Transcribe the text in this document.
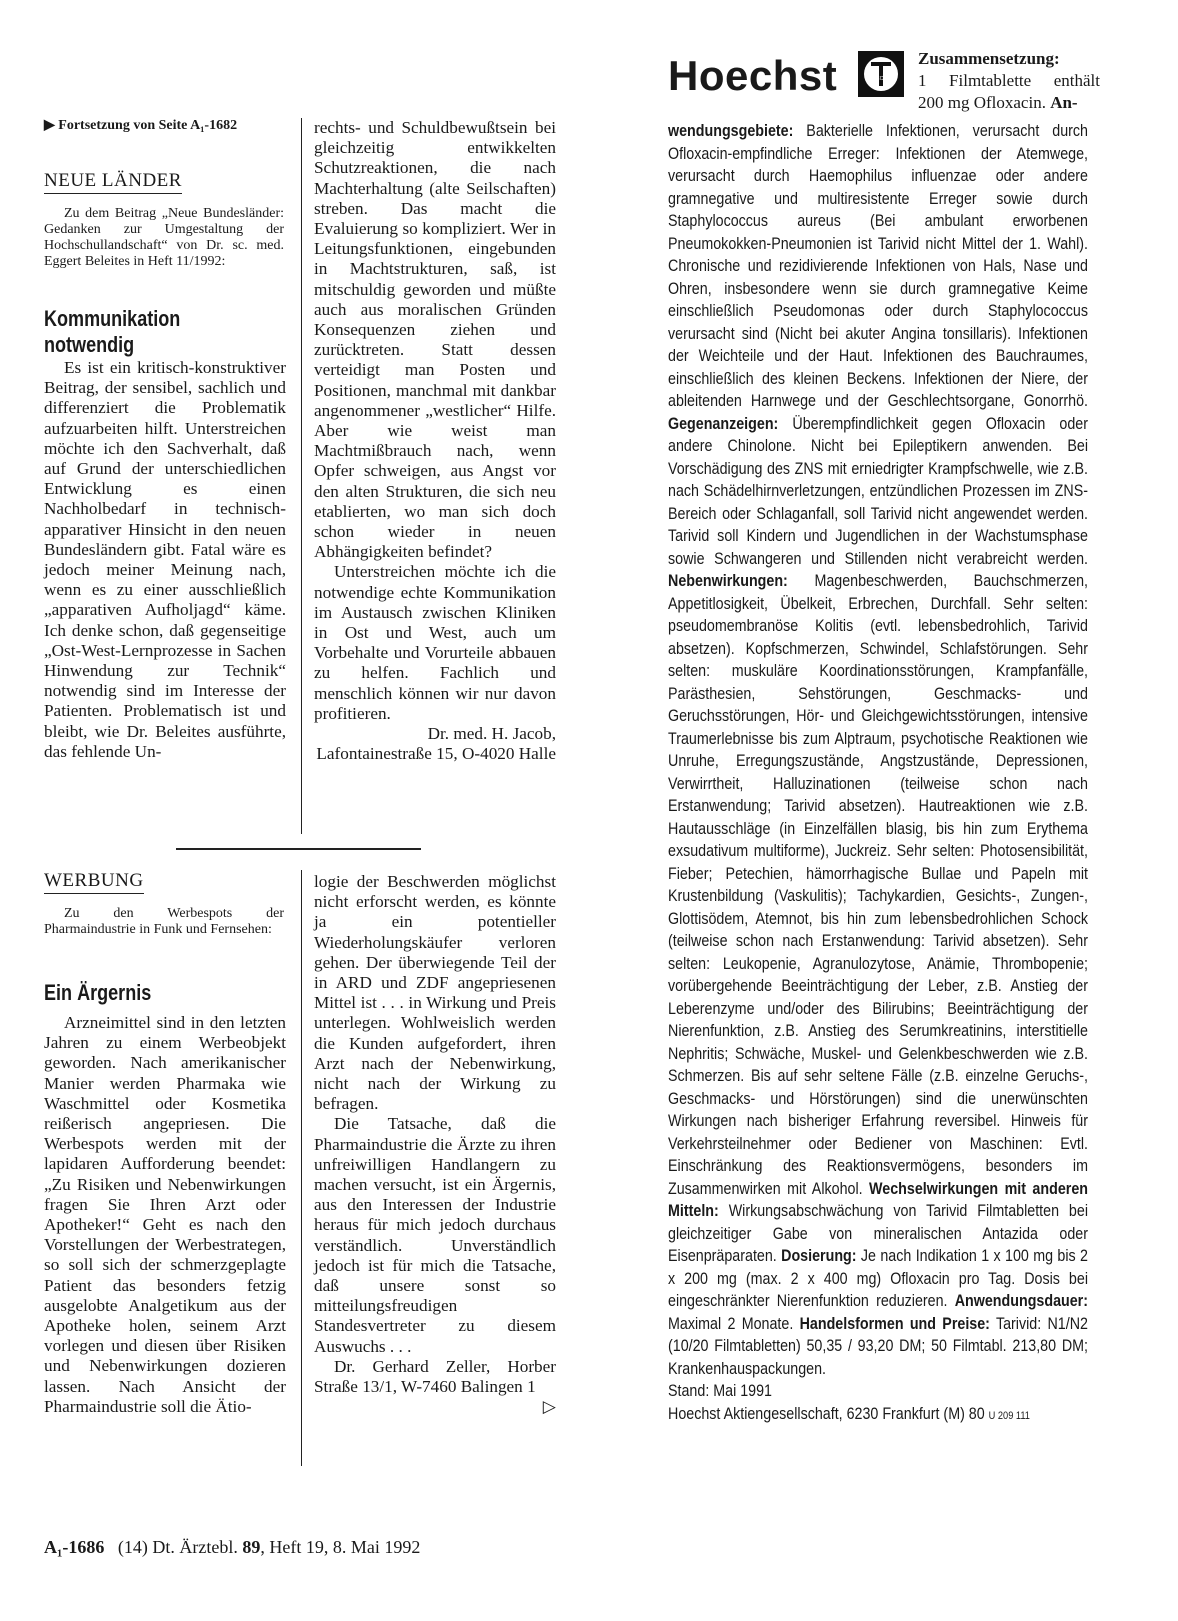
▶ Fortsetzung von Seite A₁-1682
NEUE LÄNDER
Zu dem Beitrag „Neue Bundesländer: Gedanken zur Umgestaltung der Hochschullandschaft“ von Dr. sc. med. Eggert Beleites in Heft 11/1992:
Kommunikation
notwendig

Es ist ein kritisch-konstruktiver Beitrag, der sensibel, sachlich und differenziert die Problematik aufzuarbeiten hilft. Unterstreichen möchte ich den Sachverhalt, daß auf Grund der unterschiedlichen Entwicklung es einen Nachholbedarf in technisch-apparativer Hinsicht in den neuen Bundesländern gibt. Fatal wäre es jedoch meiner Meinung nach, wenn es zu einer ausschließlich „apparativen Aufholjagd“ käme. Ich denke schon, daß gegenseitige „Ost-West-Lernprozesse in Sachen Hinwendung zur Technik“ notwendig sind im Interesse der Patienten. Problematisch ist und bleibt, wie Dr. Beleites ausführte, das fehlende Un-

rechts- und Schuldbewußtsein bei gleichzeitig entwikkelten Schutzreaktionen, die nach Machterhaltung (alte Seilschaften) streben. Das macht die Evaluierung so kompliziert. Wer in Leitungsfunktionen, eingebunden in Machtstrukturen, saß, ist mitschuldig geworden und müßte auch aus moralischen Gründen Konsequenzen ziehen und zurücktreten. Statt dessen verteidigt man Posten und Positionen, manchmal mit dankbar angenommener „westlicher“ Hilfe. Aber wie weist man Machtmißbrauch nach, wenn Opfer schweigen, aus Angst vor den alten Strukturen, die sich neu etablierten, wo man sich doch schon wieder in neuen Abhängigkeiten befindet?

Unterstreichen möchte ich die notwendige echte Kommunikation im Austausch zwischen Kliniken in Ost und West, auch um Vorbehalte und Vorurteile abbauen zu helfen. Fachlich und menschlich können wir nur davon profitieren.

Dr. med. H. Jacob, Lafontainestraße 15, O-4020 Halle

WERBUNG
Zu den Werbespots der Pharmaindustrie in Funk und Fernsehen:
Ein Ärgernis

Arzneimittel sind in den letzten Jahren zu einem Werbeobjekt geworden. Nach amerikanischer Manier werden Pharmaka wie Waschmittel oder Kosmetika reißerisch angepriesen. Die Werbespots werden mit der lapidaren Aufforderung beendet: „Zu Risiken und Nebenwirkungen fragen Sie Ihren Arzt oder Apotheker!“ Geht es nach den Vorstellungen der Werbestrategen, so soll sich der schmerzgeplagte Patient das besonders fetzig ausgelobte Analgetikum aus der Apotheke holen, seinem Arzt vorlegen und diesen über Risiken und Nebenwirkungen dozieren lassen. Nach Ansicht der Pharmaindustrie soll die Ätio-

logie der Beschwerden möglichst nicht erforscht werden, es könnte ja ein potentieller Wiederholungskäufer verloren gehen. Der überwiegende Teil der in ARD und ZDF angepriesenen Mittel ist . . . in Wirkung und Preis unterlegen. Wohlweislich werden die Kunden aufgefordert, ihren Arzt nach der Nebenwirkung, nicht nach der Wirkung zu befragen.

Die Tatsache, daß die Pharmaindustrie die Ärzte zu ihren unfreiwilligen Handlangern zu machen versucht, ist ein Ärgernis, aus den Interessen der Industrie heraus für mich jedoch durchaus verständlich. Unverständlich jedoch ist für mich die Tatsache, daß unsere sonst so mitteilungsfreudigen Standesvertreter zu diesem Auswuchs . . .

Dr. Gerhard Zeller, Horber Straße 13/1, W-7460 Balingen 1
▷

A₁-1686 (14) Dt. Ärztebl. 89, Heft 19, 8. Mai 1992
Hoechst	HOECHST
Zusammensetzung:
1 Filmtablette enthält
200 mg Ofloxacin. An-
wendungsgebiete: Bakterielle Infektionen, verursacht durch Ofloxacin-empfindliche Erreger: Infektionen der Atemwege, verursacht durch Haemophilus influenzae oder andere gramnegative und multiresistente Erreger sowie durch Staphylococcus aureus (Bei ambulant erworbenen Pneumokokken-Pneumonien ist Tarivid nicht Mittel der 1. Wahl). Chronische und rezidivierende Infektionen von Hals, Nase und Ohren, insbesondere wenn sie durch gramnegative Keime einschließlich Pseudomonas oder durch Staphylococcus verursacht sind (Nicht bei akuter Angina tonsillaris). Infektionen der Weichteile und der Haut. Infektionen des Bauchraumes, einschließlich des kleinen Beckens. Infektionen der Niere, der ableitenden Harnwege und der Geschlechtsorgane, Gonorrhö. Gegenanzeigen: Überempfindlichkeit gegen Ofloxacin oder andere Chinolone. Nicht bei Epileptikern anwenden. Bei Vorschädigung des ZNS mit erniedrigter Krampfschwelle, wie z.B. nach Schädelhirnverletzungen, entzündlichen Prozessen im ZNS-Bereich oder Schlaganfall, soll Tarivid nicht angewendet werden. Tarivid soll Kindern und Jugendlichen in der Wachstumsphase sowie Schwangeren und Stillenden nicht verabreicht werden. Nebenwirkungen: Magenbeschwerden, Bauchschmerzen, Appetitlosigkeit, Übelkeit, Erbrechen, Durchfall. Sehr selten: pseudomembranöse Kolitis (evtl. lebensbedrohlich, Tarivid absetzen). Kopfschmerzen, Schwindel, Schlafstörungen. Sehr selten: muskuläre Koordinationsstörungen, Krampfanfälle, Parästhesien, Sehstörungen, Geschmacks- und Geruchsstörungen, Hör- und Gleichgewichtsstörungen, intensive Traumerlebnisse bis zum Alptraum, psychotische Reaktionen wie Unruhe, Erregungszustände, Angstzustände, Depressionen, Verwirrtheit, Halluzinationen (teilweise schon nach Erstanwendung; Tarivid absetzen). Hautreaktionen wie z.B. Hautausschläge (in Einzelfällen blasig, bis hin zum Erythema exsudativum multiforme), Juckreiz. Sehr selten: Photosensibilität, Fieber; Petechien, hämorrhagische Bullae und Papeln mit Krustenbildung (Vaskulitis); Tachykardien, Gesichts-, Zungen-, Glottisödem, Atemnot, bis hin zum lebensbedrohlichen Schock (teilweise schon nach Erstanwendung: Tarivid absetzen). Sehr selten: Leukopenie, Agranulozytose, Anämie, Thrombopenie; vorübergehende Beeinträchtigung der Leber, z.B. Anstieg der Leberenzyme und/oder des Bilirubins; Beeinträchtigung der Nierenfunktion, z.B. Anstieg des Serumkreatinins, interstitielle Nephritis; Schwäche, Muskel- und Gelenkbeschwerden wie z.B. Schmerzen. Bis auf sehr seltene Fälle (z.B. einzelne Geruchs-, Geschmacks- und Hörstörungen) sind die unerwünschten Wirkungen nach bisheriger Erfahrung reversibel. Hinweis für Verkehrsteilnehmer oder Bediener von Maschinen: Evtl. Einschränkung des Reaktionsvermögens, besonders im Zusammenwirken mit Alkohol. Wechselwirkungen mit anderen Mitteln: Wirkungsabschwächung von Tarivid Filmtabletten bei gleichzeitiger Gabe von mineralischen Antazida oder Eisenpräparaten. Dosierung: Je nach Indikation 1 x 100 mg bis 2 x 200 mg (max. 2 x 400 mg) Ofloxacin pro Tag. Dosis bei eingeschränkter Nierenfunktion reduzieren. Anwendungsdauer: Maximal 2 Monate. Handelsformen und Preise: Tarivid: N1/N2 (10/20 Filmtabletten) 50,35 / 93,20 DM; 50 Filmtabl. 213,80 DM; Krankenhauspackungen.
Stand: Mai 1991
Hoechst Aktiengesellschaft, 6230 Frankfurt (M) 80 U 209 111
